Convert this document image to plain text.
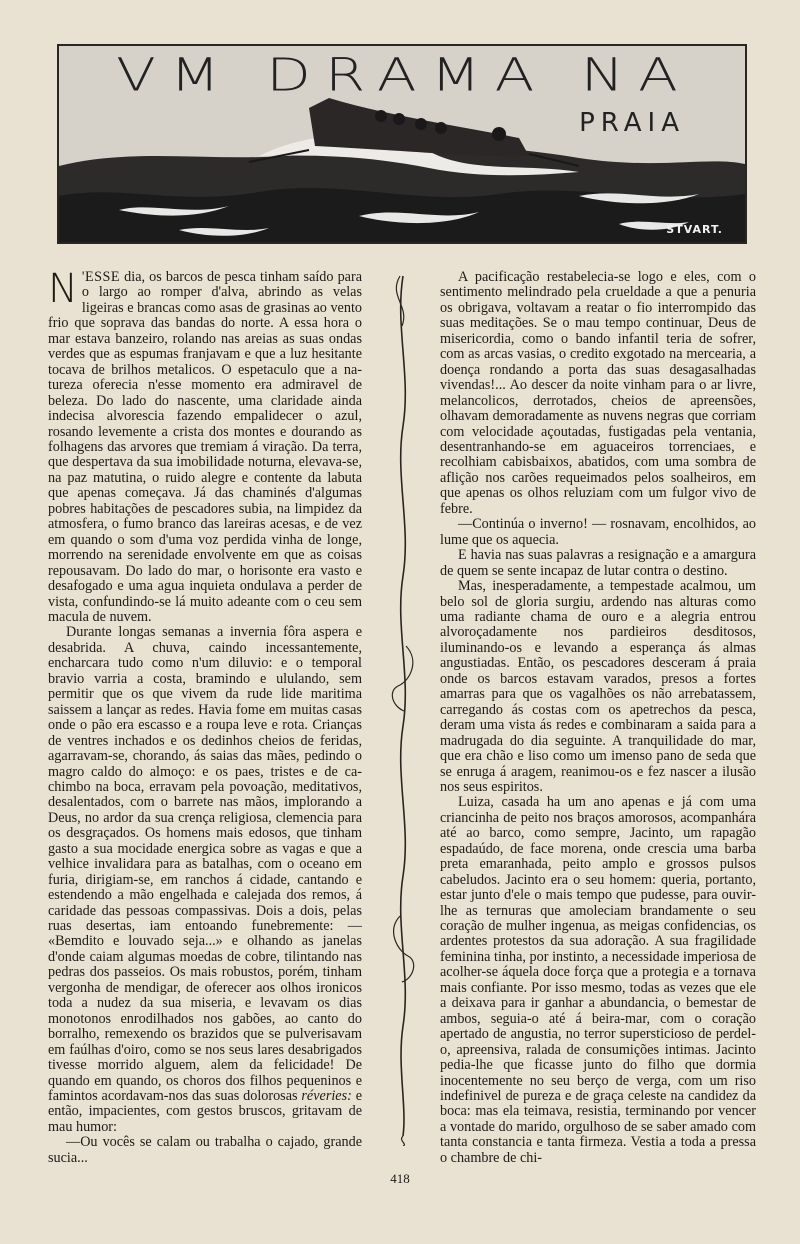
VM DRAMA NA
PRAIA
STVART.

N 'ESSE dia, os barcos de pesca tinham saído para o largo ao romper d'alva, abrindo as velas ligeiras e brancas como asas de grasinas ao vento frio que soprava das bandas do norte. A essa hora o mar estava banzeiro, rolando nas areias as suas ondas verdes que as espumas franjavam e que a luz hesitante tocava de brilhos metalicos. O espetaculo que a natureza oferecia n'esse momento era admiravel de beleza. Do lado do nascente, uma claridade ainda indecisa alvorescia fazendo empalidecer o azul, rosando levemente a crista dos montes e dourando as folhagens das arvores que tremiam á viração. Da terra, que despertava da sua imobilidade noturna, elevava-se, na paz matutina, o ruido alegre e contente da labuta que apenas começava. Já das chaminés d'algumas pobres habitações de pescadores subia, na limpidez da atmosfera, o fumo branco das lareiras acesas, e de vez em quando o som d'uma voz perdida vinha de longe, morrendo na serenidade envolvente em que as coisas repousavam. Do lado do mar, o horisonte era vasto e desafogado e uma agua inquieta ondulava a perder de vista, confundindo-se lá muito adeante com o ceu sem macula de nuvem.

Durante longas semanas a invernia fôra aspera e desabrida. A chuva, caindo incessantemente, encharcara tudo como n'um diluvio: e o temporal bravio varria a costa, bramindo e ululando, sem permitir que os que vivem da rude lide maritima saissem a lançar as redes. Havia fome em muitas casas onde o pão era escasso e a roupa leve e rota. Crianças de ventres inchados e os dedinhos cheios de feridas, agarravam-se, chorando, ás saias das mães, pedindo o magro caldo do almoço: e os paes, tristes e de cachimbo na boca, erravam pela povoação, meditativos, desalentados, com o barrete nas mãos, implorando a Deus, no ardor da sua crença religiosa, clemencia para os desgraçados. Os homens mais edosos, que tinham gasto a sua mocidade energica sobre as vagas e que a velhice invalidara para as batalhas, com o oceano em furia, dirigiam-se, em ranchos á cidade, cantando e estendendo a mão engelhada e calejada dos remos, á caridade das pessoas compassivas. Dois a dois, pelas ruas desertas, iam entoando funebremente: — «Bemdito e louvado seja...» e olhando as janelas d'onde caiam algumas moedas de cobre, tilintando nas pedras dos passeios. Os mais robustos, porém, tinham vergonha de mendigar, de oferecer aos olhos ironicos toda a nudez da sua miseria, e levavam os dias monotonos enrodilhados nos gabões, ao canto do borralho, remexendo os brazidos que se pulverisavam em faúlhas d'oiro, como se nos seus lares desabrigados tivesse morrido alguem, alem da felicidade! De quando em quando, os choros dos filhos pequeninos e famintos acordavam-nos das suas dolorosas réveries: e então, impacientes, com gestos bruscos, gritavam de mau humor:

—Ou vocês se calam ou trabalha o cajado, grande sucia...

A pacificação restabelecia-se logo e eles, com o sentimento melindrado pela crueldade a que a penuria os obrigava, voltavam a reatar o fio interrompido das suas meditações. Se o mau tempo continuar, Deus de misericordia, como o bando infantil teria de sofrer, com as arcas vasias, o credito exgotado na mercearia, a doença rondando a porta das suas desagasalhadas vivendas!... Ao descer da noite vinham para o ar livre, melancolicos, derrotados, cheios de apreensões, olhavam demoradamente as nuvens negras que corriam com velocidade açoutadas, fustigadas pela ventania, desentranhando-se em aguaceiros torrenciaes, e recolhiam cabisbaixos, abatidos, com uma sombra de aflição nos carões requeimados pelos soalheiros, em que apenas os olhos reluziam com um fulgor vivo de febre.

—Continúa o inverno! — rosnavam, encolhidos, ao lume que os aquecia.

E havia nas suas palavras a resignação e a amargura de quem se sente incapaz de lutar contra o destino.

Mas, inesperadamente, a tempestade acalmou, um belo sol de gloria surgiu, ardendo nas alturas como uma radiante chama de ouro e a alegria entrou alvoroçadamente nos pardieiros desditosos, iluminando-os e levando a esperança ás almas angustiadas. Então, os pescadores desceram á praia onde os barcos estavam varados, presos a fortes amarras para que os vagalhões os não arrebatassem, carregando ás costas com os apetrechos da pesca, deram uma vista ás redes e combinaram a saida para a madrugada do dia seguinte. A tranquilidade do mar, que era chão e liso como um imenso pano de seda que se enruga á aragem, reanimou-os e fez nascer a ilusão nos seus espiritos.

Luiza, casada ha um ano apenas e já com uma criancinha de peito nos braços amorosos, acompanhára até ao barco, como sempre, Jacinto, um rapagão espadaúdo, de face morena, onde crescia uma barba preta emaranhada, peito amplo e grossos pulsos cabeludos. Jacinto era o seu homem: queria, portanto, estar junto d'ele o mais tempo que pudesse, para ouvir-lhe as ternuras que amoleciam brandamente o seu coração de mulher ingenua, as meigas confidencias, os ardentes protestos da sua adoração. A sua fragilidade feminina tinha, por instinto, a necessidade imperiosa de acolher-se áquela doce força que a protegia e a tornava mais confiante. Por isso mesmo, todas as vezes que ele a deixava para ir ganhar a abundancia, o bemestar de ambos, seguia-o até á beira-mar, com o coração apertado de angustia, no terror supersticioso de perdel-o, apreensiva, ralada de consumições intimas. Jacinto pedia-lhe que ficasse junto do filho que dormia inocentemente no seu berço de verga, com um riso indefinivel de pureza e de graça celeste na candidez da boca: mas ela teimava, resistia, terminando por vencer a vontade do marido, orgulhoso de se saber amado com tanta constancia e tanta firmeza. Vestia a toda a pressa o chambre de chi-

418
